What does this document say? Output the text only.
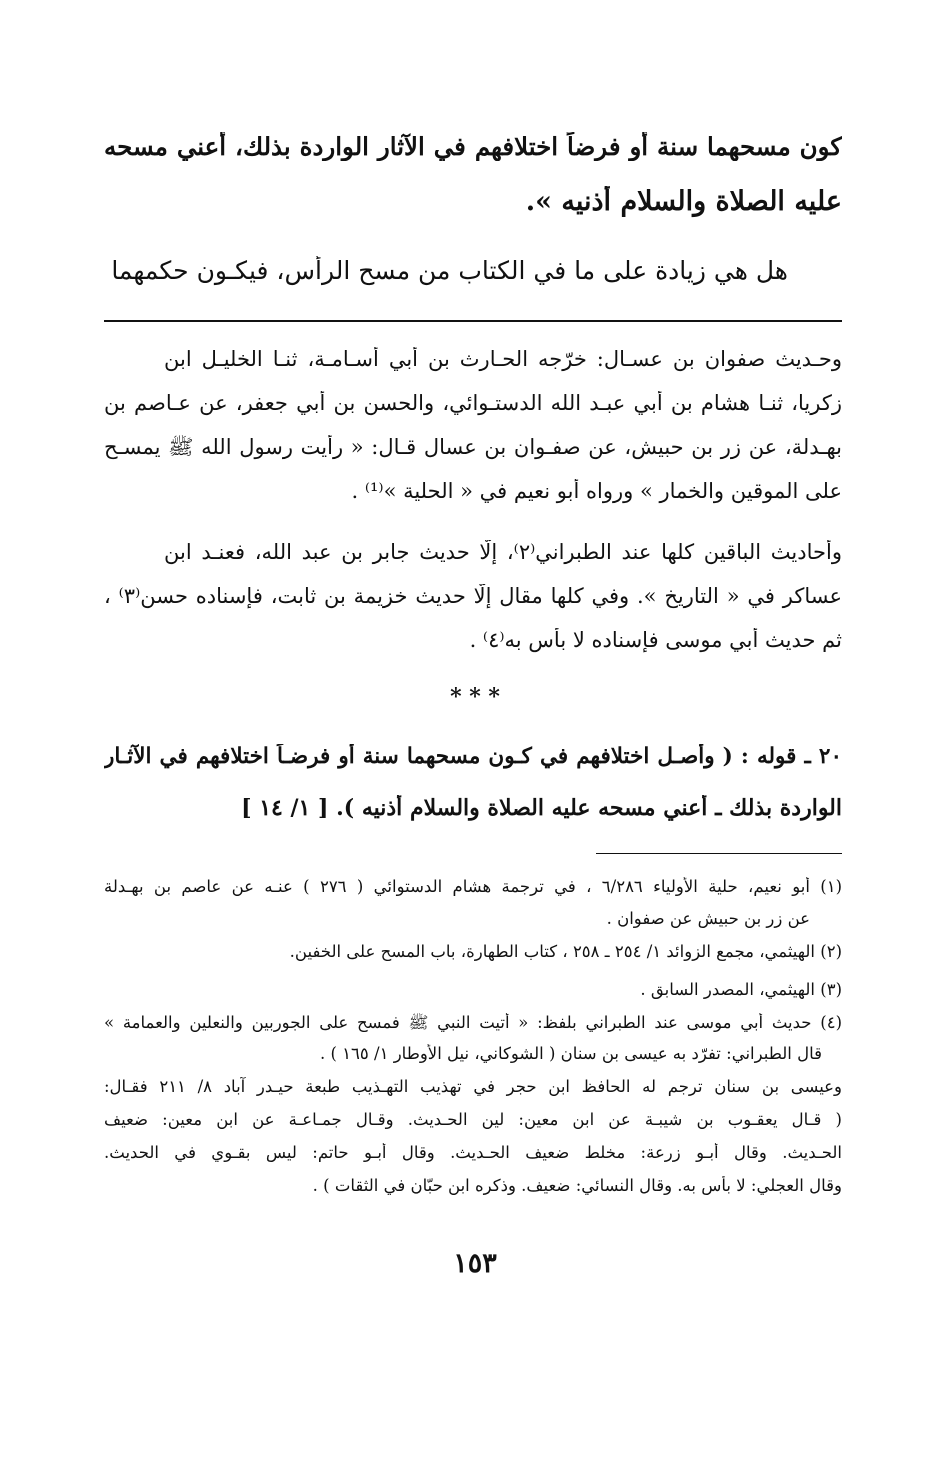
كون مسحهما سنة أو فرضاً اختلافهم في الآثار الواردة بذلك، أعني مسحه
عليه الصلاة والسلام أذنيه ».
هل هي زيادة على ما في الكتاب من مسح الرأس، فيكـون حكمهما
وحـديث صفوان بن عسـال: خرّجه الحـارث بن أبي أسـامـة، ثنـا الخليـل ابن
زكريا، ثنـا هشام بن أبي عبـد الله الدستـوائي، والحسن بن أبي جعفر، عن عـاصم بن
بهـدلة، عن زر بن حبيش، عن صفـوان بن عسال قـال: « رأيت رسول الله ﷺ يمسـح
على الموقين والخمار » ورواه أبو نعيم في « الحلية »⁽¹⁾ .
وأحاديث الباقين كلها عند الطبراني⁽٢⁾، إلّا حديث جابر بن عبد الله، فعنـد ابن
عساكر في « التاريخ ». وفي كلها مقال إلّا حديث خزيمة بن ثابت، فإسناده حسن⁽٣⁾ ،
ثم حديث أبي موسى فإسناده لا بأس به⁽٤⁾ .
* * *
٢٠ ـ قوله : ( وأصـل اختلافهم في كـون مسحهما سنة أو فرضـاً اختلافهم في الآثـار
الواردة بذلك ـ أعني مسحه عليه الصلاة والسلام أذنيه ). [ ١/ ١٤ ]
(١) أبو نعيم، حلية الأولياء ٦/٢٨٦ ، في ترجمة هشام الدستوائي ( ٢٧٦ ) عنـه عن عاصم بن بهـدلة
عن زر بن حبيش عن صفوان .
(٢) الهيثمي، مجمع الزوائد ١/ ٢٥٤ ـ ٢٥٨ ، كتاب الطهارة، باب المسح على الخفين.
(٣) الهيثمي، المصدر السابق .
(٤) حديث أبي موسى عند الطبراني بلفظ: « أتيت النبي ﷺ فمسح على الجوربين والنعلين والعمامة »
قال الطبراني: تفرّد به عيسى بن سنان ( الشوكاني، نيل الأوطار ١/ ١٦٥ ) .
وعيسى بن سنان ترجم له الحافظ ابن حجر في تهذيب التهـذيب طبعة حيـدر آباد ٨/ ٢١١ فقـال:
( قـال يعقـوب بن شيبـة عن ابن معين: لين الحـديث. وقـال جمـاعـة عن ابن معين: ضعيف
الحـديث. وقال أبـو زرعة: مخلط ضعيف الحـديث. وقال أبـو حاتم: ليس بقـوي في الحديث.
وقال العجلي: لا بأس به. وقال النسائي: ضعيف. وذكره ابن حبّان في الثقات ) .
١٥٣
